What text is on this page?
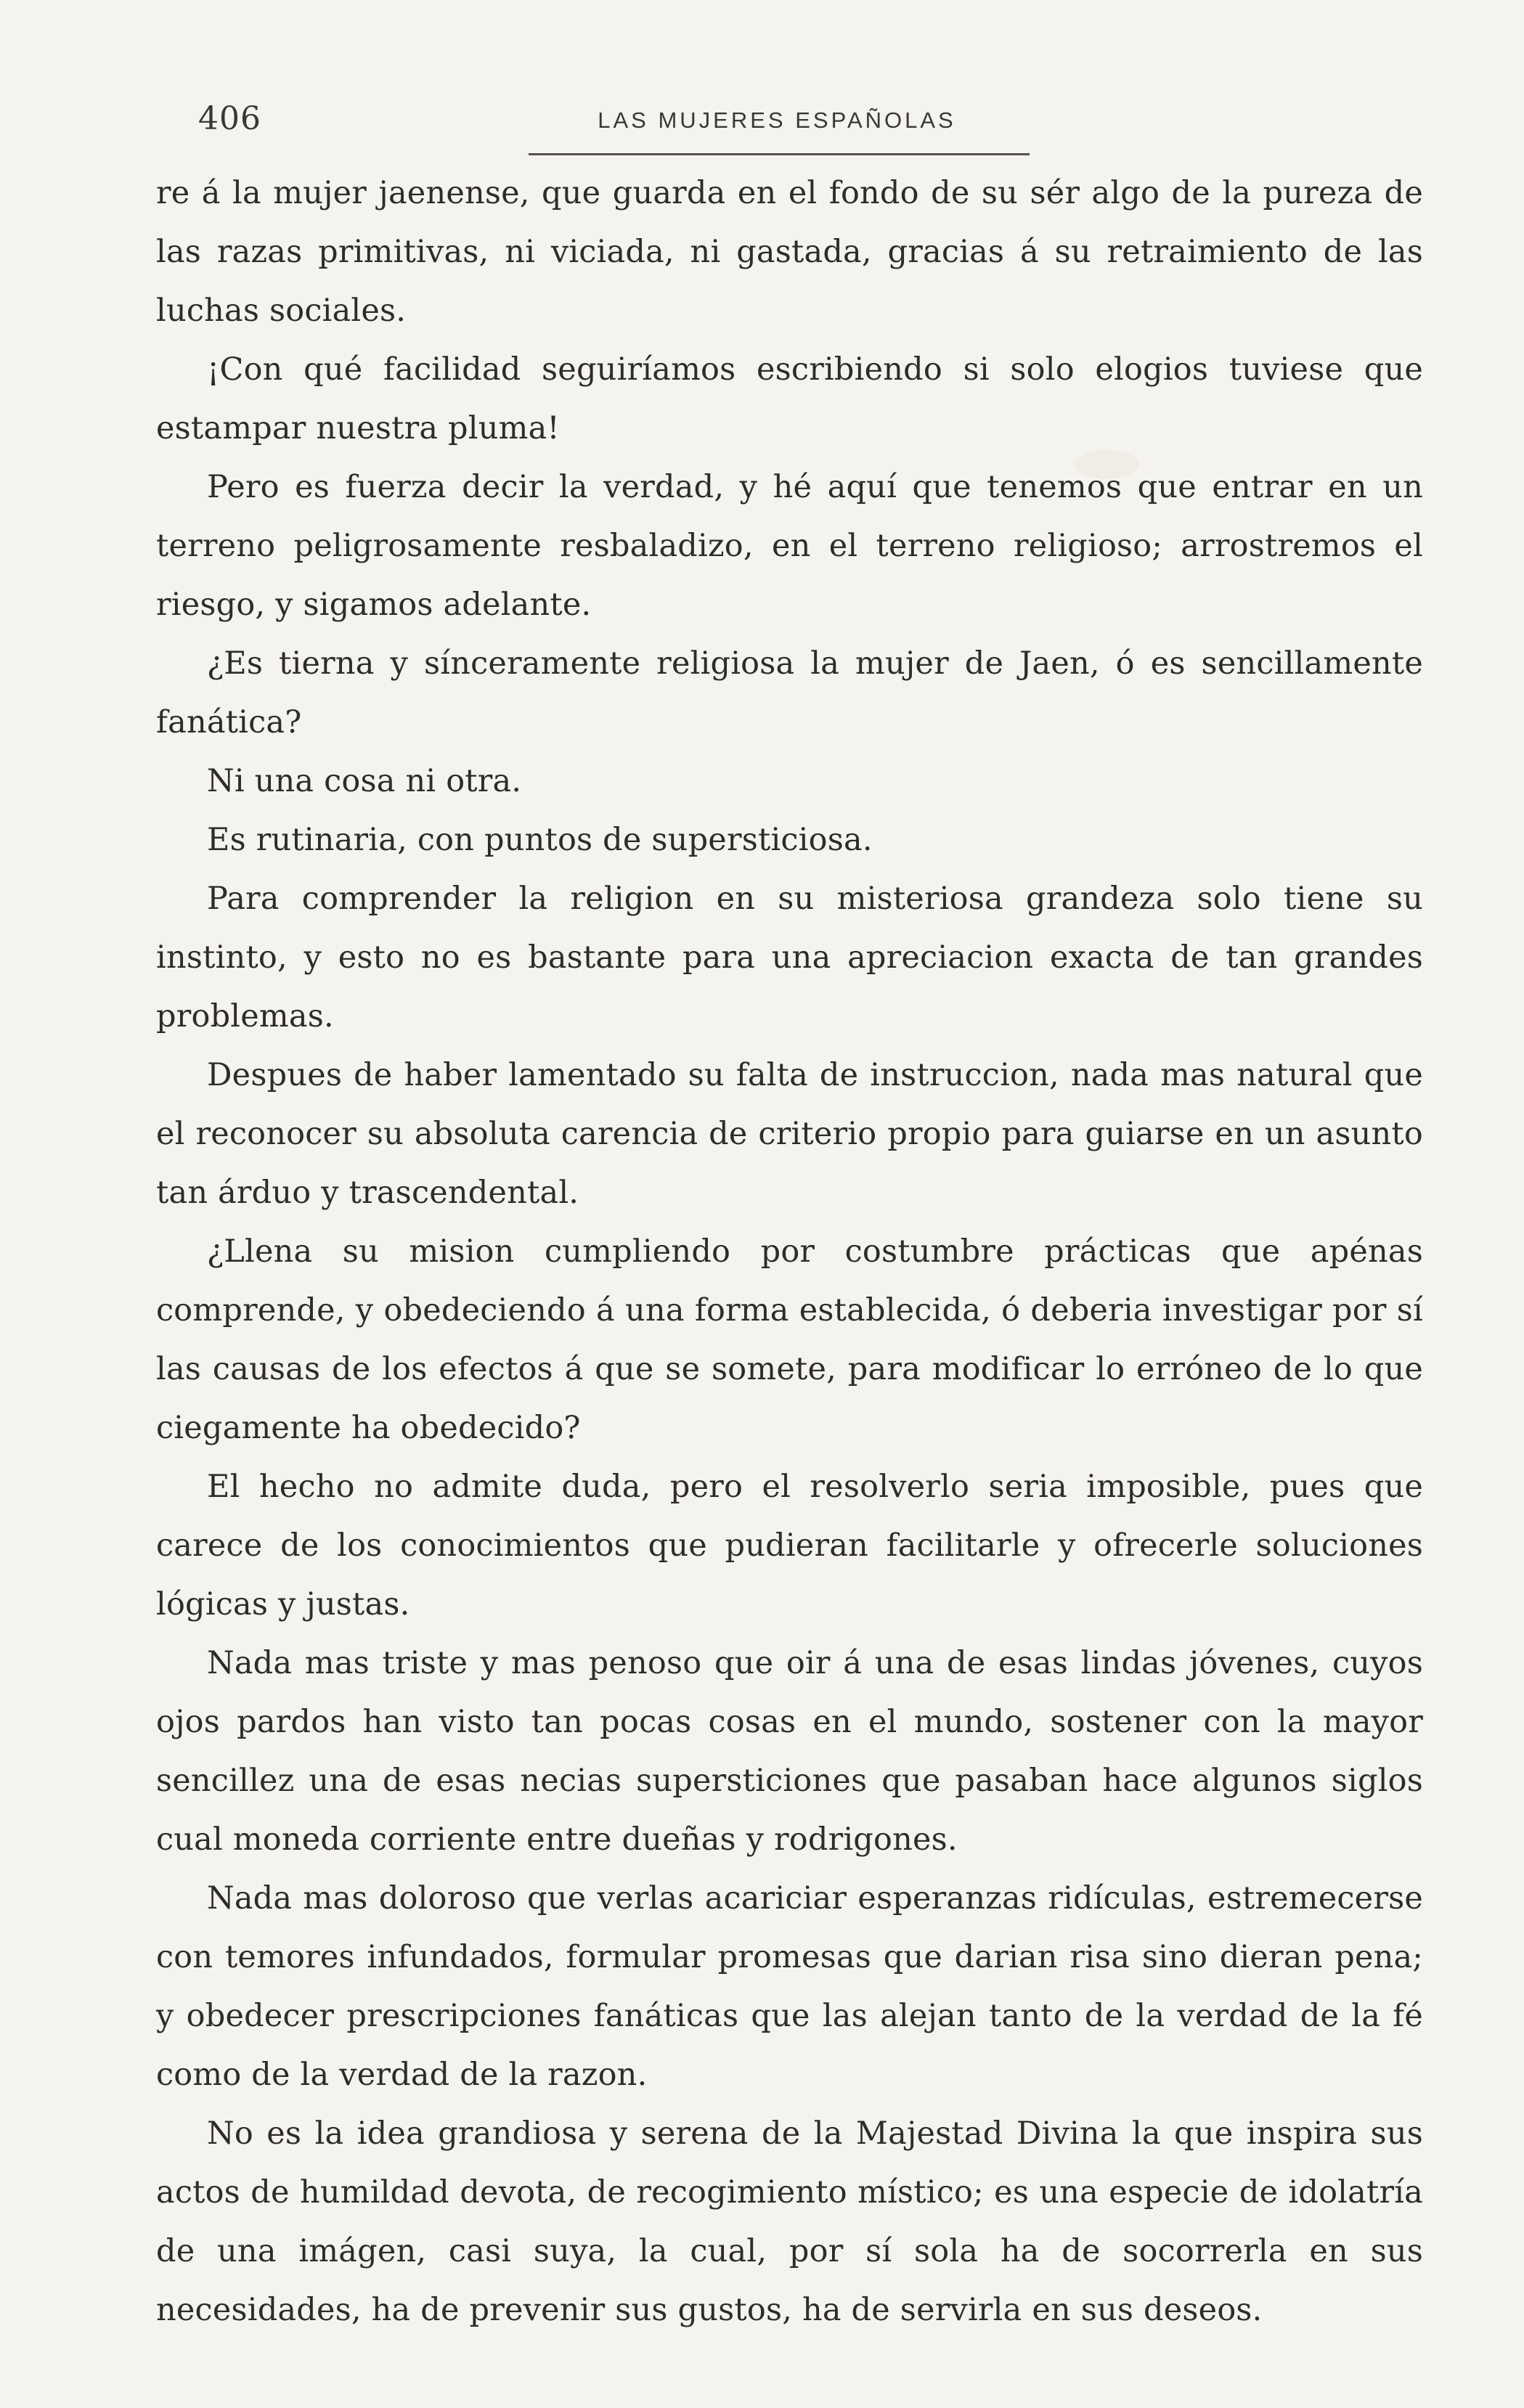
406	LAS MUJERES ESPAÑOLAS

re á la mujer jaenense, que guarda en el fondo de su sér algo de la pureza de las razas primitivas, ni viciada, ni gastada, gracias á su retraimiento de las luchas sociales.

¡Con qué facilidad seguiríamos escribiendo si solo elogios tuviese que estampar nuestra pluma!

Pero es fuerza decir la verdad, y hé aquí que tenemos que entrar en un terreno peligrosamente resbaladizo, en el terreno religioso; arrostremos el riesgo, y sigamos adelante.

¿Es tierna y sínceramente religiosa la mujer de Jaen, ó es sencillamente fanática?

Ni una cosa ni otra.

Es rutinaria, con puntos de supersticiosa.

Para comprender la religion en su misteriosa grandeza solo tiene su instinto, y esto no es bastante para una apreciacion exacta de tan grandes problemas.

Despues de haber lamentado su falta de instruccion, nada mas natural que el reconocer su absoluta carencia de criterio propio para guiarse en un asunto tan árduo y trascendental.

¿Llena su mision cumpliendo por costumbre prácticas que apénas comprende, y obedeciendo á una forma establecida, ó deberia investigar por sí las causas de los efectos á que se somete, para modificar lo erróneo de lo que ciegamente ha obedecido?

El hecho no admite duda, pero el resolverlo seria imposible, pues que carece de los conocimientos que pudieran facilitarle y ofrecerle soluciones lógicas y justas.

Nada mas triste y mas penoso que oir á una de esas lindas jóvenes, cuyos ojos pardos han visto tan pocas cosas en el mundo, sostener con la mayor sencillez una de esas necias supersticiones que pasaban hace algunos siglos cual moneda corriente entre dueñas y rodrigones.

Nada mas doloroso que verlas acariciar esperanzas ridículas, estremecerse con temores infundados, formular promesas que darian risa sino dieran pena; y obedecer prescripciones fanáticas que las alejan tanto de la verdad de la fé como de la verdad de la razon.

No es la idea grandiosa y serena de la Majestad Divina la que inspira sus actos de humildad devota, de recogimiento místico; es una especie de idolatría de una imágen, casi suya, la cual, por sí sola ha de socorrerla en sus necesidades, ha de prevenir sus gustos, ha de servirla en sus deseos.
